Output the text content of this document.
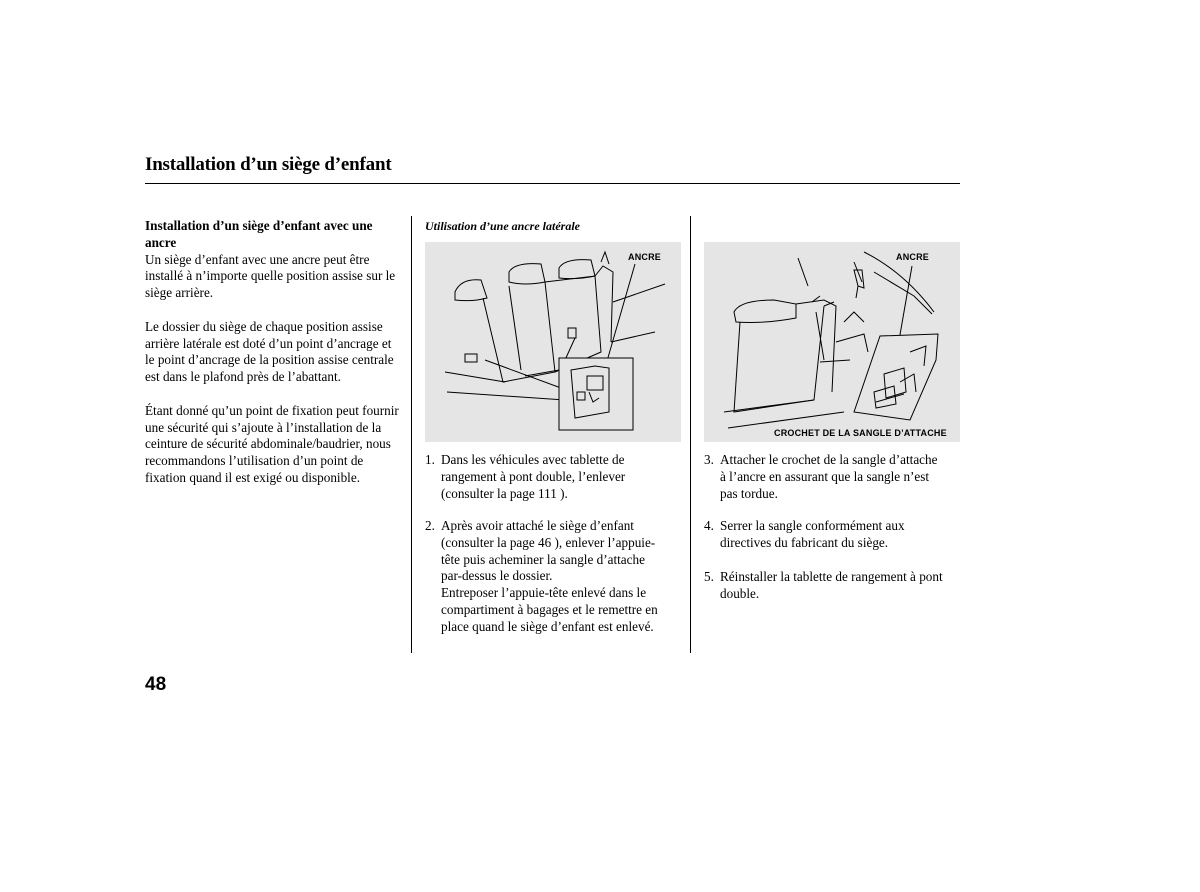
Installation d’un siège d’enfant
Installation d’un siège d’enfant avec une ancre

Un siège d’enfant avec une ancre peut être installé à n’importe quelle position assise sur le siège arrière.

Le dossier du siège de chaque position assise arrière latérale est doté d’un point d’ancrage et le point d’ancrage de la position assise centrale est dans le plafond près de l’abattant.

Étant donné qu’un point de fixation peut fournir une sécurité qui s’ajoute à l’installation de la ceinture de sécurité abdominale/baudrier, nous recommandons l’utilisation d’un point de fixation quand il est exigé ou disponible.

Utilisation d’une ancre latérale
ANCRE
1. Dans les véhicules avec tablette de
rangement à pont double, l’enlever
(consulter la page 111 ).
2. Après avoir attaché le siège d’enfant
(consulter la page 46 ), enlever l’appuie-
tête puis acheminer la sangle d’attache
par-dessus le dossier.
Entreposer l’appuie-tête enlevé dans le
compartiment à bagages et le remettre en
place quand le siège d’enfant est enlevé.
ANCRE
CROCHET DE LA SANGLE D’ATTACHE
3. Attacher le crochet de la sangle d’attache
à l’ancre en assurant que la sangle n’est
pas tordue.
4. Serrer la sangle conformément aux
directives du fabricant du siège.
5. Réinstaller la tablette de rangement à pont
double.
48
